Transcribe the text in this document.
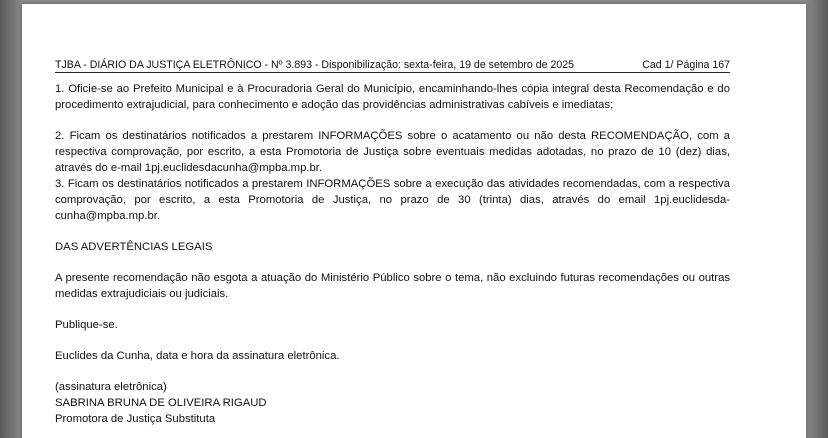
TJBA - DIÁRIO DA JUSTIÇA ELETRÔNICO - Nº 3.893 - Disponibilização: sexta-feira, 19 de setembro de 2025	Cad 1/ Página 167

1. Oficie-se ao Prefeito Municipal e à Procuradoria Geral do Município, encaminhando-lhes cópia integral desta Recomendação e do procedimento extrajudicial, para conhecimento e adoção das providências administrativas cabíveis e imediatas;

2. Ficam os destinatários notificados a prestarem INFORMAÇÕES sobre o acatamento ou não desta RECOMENDAÇÃO, com a respectiva comprovação, por escrito, a esta Promotoria de Justiça sobre eventuais medidas adotadas, no prazo de 10 (dez) dias, através do e-mail 1pj.euclidesdacunha@mpba.mp.br.

3. Ficam os destinatários notificados a prestarem INFORMAÇÕES sobre a execução das atividades recomendadas, com a respectiva comprovação, por escrito, a esta Promotoria de Justiça, no prazo de 30 (trinta) dias, através do email 1pj.euclidesda-cunha@mpba.mp.br.

DAS ADVERTÊNCIAS LEGAIS

A presente recomendação não esgota a atuação do Ministério Público sobre o tema, não excluindo futuras recomendações ou outras medidas extrajudiciais ou judiciais.

Publique-se.

Euclides da Cunha, data e hora da assinatura eletrônica.

(assinatura eletrônica)

SABRINA BRUNA DE OLIVEIRA RIGAUD

Promotora de Justiça Substituta
